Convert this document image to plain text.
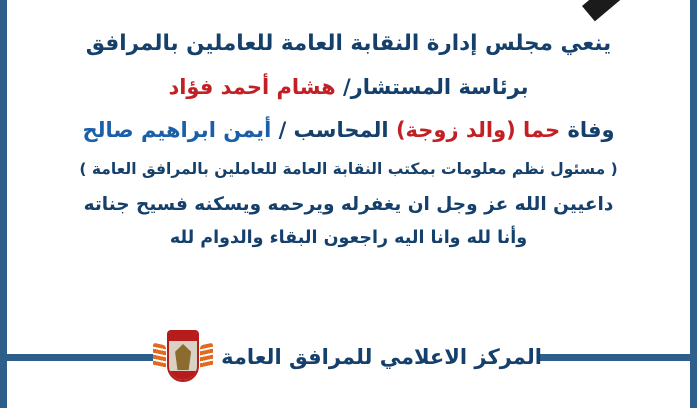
ينعي مجلس إدارة النقابة العامة للعاملين بالمرافق
برئاسة المستشار/ هشام أحمد فؤاد
وفاة حما (والد زوجة) المحاسب / أيمن ابراهيم صالح
( مسئول نظم معلومات بمكتب النقابة العامة للعاملين بالمرافق العامة )
داعيين الله عز وجل ان يغفرله ويرحمه ويسكنه فسيح جناته
وأنا لله وانا اليه راجعون البقاء والدوام لله
المركز الاعلامي للمرافق العامة
